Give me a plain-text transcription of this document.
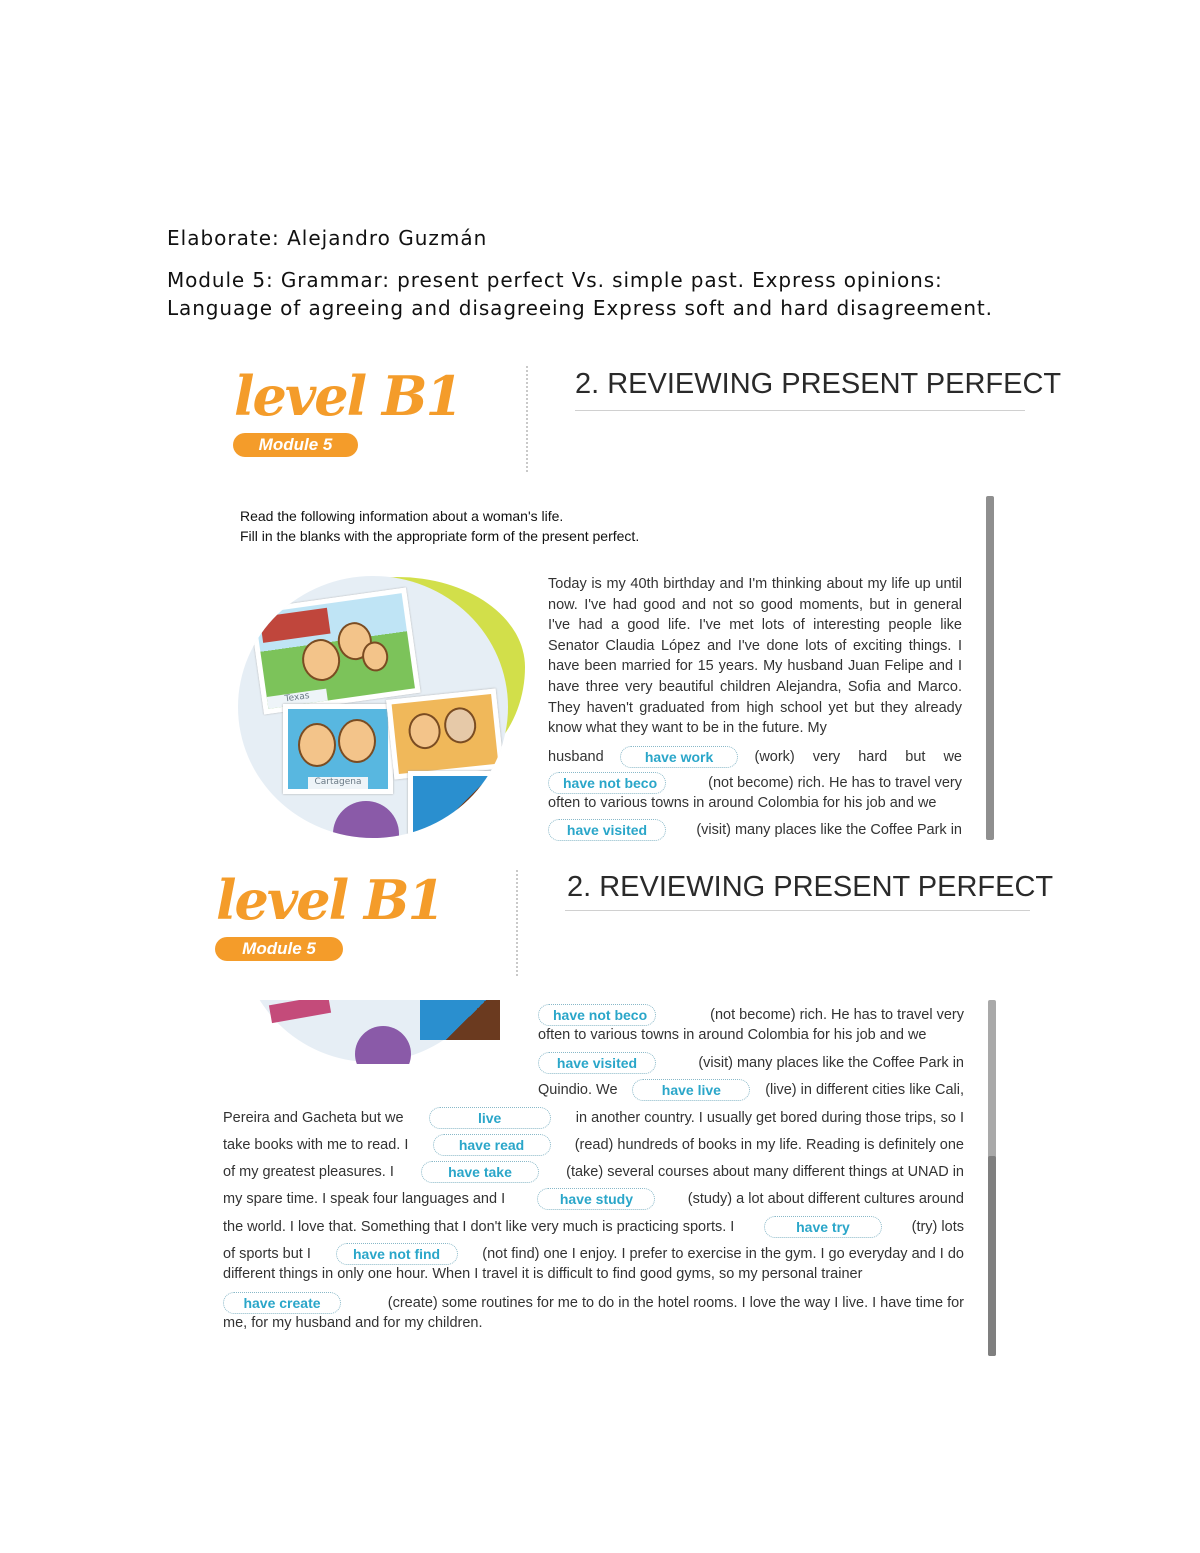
Elaborate: Alejandro Guzmán
Module 5: Grammar: present perfect Vs. simple past. Express opinions: Language of agreeing and disagreeing Express soft and hard disagreement.
level B1
Module 5
2. REVIEWING PRESENT PERFECT
Read the following information about a woman's life.
Fill in the blanks with the appropriate form of the present perfect.
Texas
Cartagena
Today is my 40th birthday and I'm thinking about my life up until now. I've had good and not so good moments, but in general I've had a good life. I've met lots of interesting people like Senator Claudia López and I've done lots of exciting things. I have been married for 15 years. My husband Juan Felipe and I have three very beautiful children Alejandra, Sofia and Marco. They haven't graduated from high school yet but they already know what they want to be in the future. My
husband	have work	(work) very hard but we
have not beco	(not become) rich. He has to travel very
often to various towns in around Colombia for his job and we
have visited	(visit) many places like the Coffee Park in
level B1
Module 5
2. REVIEWING PRESENT PERFECT
have not beco	(not become) rich. He has to travel very
often to various towns in around Colombia for his job and we
have visited	(visit) many places like the Coffee Park in
Quindio. We	have live	(live) in different cities like Cali,
Pereira and Gacheta but we	live	in another country. I usually get bored during those trips, so I
take books with me to read. I	have read	(read) hundreds of books in my life. Reading is definitely one
of my greatest pleasures. I	have take	(take) several courses about many different things at UNAD in
my spare time. I speak four languages and I	have study	(study) a lot about different cultures around
the world. I love that. Something that I don't like very much is practicing sports. I	have try	(try) lots
of sports but I	have not find	(not find) one I enjoy. I prefer to exercise in the gym. I go everyday and I do
different things in only one hour. When I travel it is difficult to find good gyms, so my personal trainer
have create	(create) some routines for me to do in the hotel rooms. I love the way I live. I have time for
me, for my husband and for my children.
